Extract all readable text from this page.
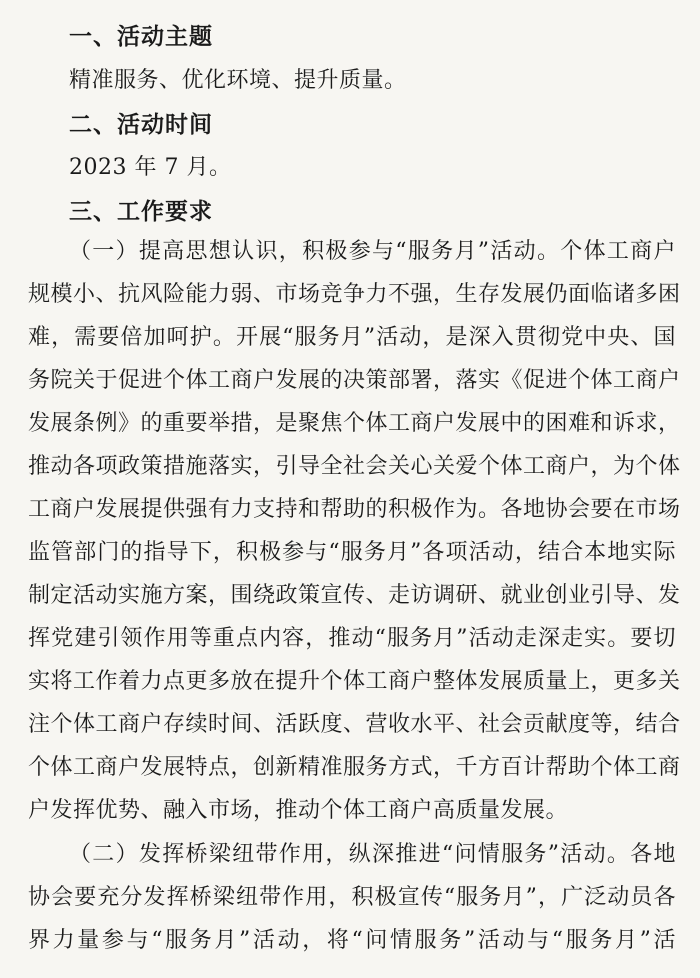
一、活动主题
精准服务、优化环境、提升质量。
二、活动时间
2023 年 7 月。
三、工作要求
（一）提高思想认识，积极参与“服务月”活动。个体工商户
规模小、抗风险能力弱、市场竞争力不强，生存发展仍面临诸多困
难，需要倍加呵护。开展“服务月”活动，是深入贯彻党中央、国
务院关于促进个体工商户发展的决策部署，落实《促进个体工商户
发展条例》的重要举措，是聚焦个体工商户发展中的困难和诉求，
推动各项政策措施落实，引导全社会关心关爱个体工商户，为个体
工商户发展提供强有力支持和帮助的积极作为。各地协会要在市场
监管部门的指导下，积极参与“服务月”各项活动，结合本地实际
制定活动实施方案，围绕政策宣传、走访调研、就业创业引导、发
挥党建引领作用等重点内容，推动“服务月”活动走深走实。要切
实将工作着力点更多放在提升个体工商户整体发展质量上，更多关
注个体工商户存续时间、活跃度、营收水平、社会贡献度等，结合
个体工商户发展特点，创新精准服务方式，千方百计帮助个体工商
户发挥优势、融入市场，推动个体工商户高质量发展。
（二）发挥桥梁纽带作用，纵深推进“问情服务”活动。各地
协会要充分发挥桥梁纽带作用，积极宣传“服务月”，广泛动员各
界力量参与“服务月”活动，将“问情服务”活动与“服务月”活
